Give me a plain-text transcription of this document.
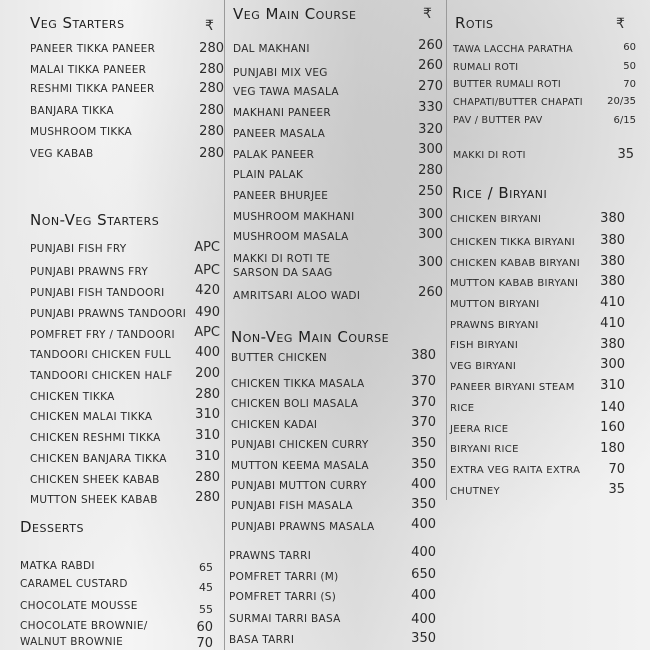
Veg Starters	₹
PANEER TIKKA PANEER	280
MALAI TIKKA PANEER	280
RESHMI TIKKA PANEER	280
BANJARA TIKKA	280
MUSHROOM TIKKA	280
VEG KABAB	280
Non-Veg Starters
PUNJABI FISH FRY	APC
PUNJABI PRAWNS FRY	APC
PUNJABI FISH TANDOORI 420
PUNJABI PRAWNS TANDOORI 490
POMFRET FRY / TANDOORI APC
TANDOORI CHICKEN FULL 400
TANDOORI CHICKEN HALF 200
CHICKEN TIKKA	280
CHICKEN MALAI TIKKA	310
CHICKEN RESHMI TIKKA	310
CHICKEN BANJARA TIKKA 310
CHICKEN SHEEK KABAB	280
MUTTON SHEEK KABAB	280
Desserts
MATKA RABDI	65
CARAMEL CUSTARD	45
CHOCOLATE MOUSSE	55
CHOCOLATE BROWNIE/	60
WALNUT BROWNIE	70
Veg Main Course	₹
DAL MAKHANI	260
PUNJABI MIX VEG	260
VEG TAWA MASALA	270
MAKHANI PANEER	330
PANEER MASALA	320
PALAK PANEER	300
PLAIN PALAK	280
PANEER BHURJEE	250
MUSHROOM MAKHANI	300
MUSHROOM MASALA	300
MAKKI DI ROTI TE	300
SARSON DA SAAG
AMRITSARI ALOO WADI	260
Non-Veg Main Course
BUTTER CHICKEN	380
CHICKEN TIKKA MASALA	370
CHICKEN BOLI MASALA	370
CHICKEN KADAI	370
PUNJABI CHICKEN CURRY	350
MUTTON KEEMA MASALA	350
PUNJABI MUTTON CURRY	400
PUNJABI FISH MASALA	350
PUNJABI PRAWNS MASALA	400
PRAWNS TARRI	400
POMFRET TARRI (M)	650
POMFRET TARRI (S)	400
SURMAI TARRI BASA	400
BASA TARRI	350
Rotis	₹
TAWA LACCHA PARATHA	60
RUMALI ROTI	50
BUTTER RUMALI ROTI	70
CHAPATI/BUTTER CHAPATI 20/35
PAV / BUTTER PAV	6/15
MAKKI DI ROTI	35
Rice / Biryani
CHICKEN BIRYANI	380
CHICKEN TIKKA BIRYANI 380
CHICKEN KABAB BIRYANI 380
MUTTON KABAB BIRYANI 380
MUTTON BIRYANI	410
PRAWNS BIRYANI	410
FISH BIRYANI	380
VEG BIRYANI	300
PANEER BIRYANI STEAM 310
RICE	140
JEERA RICE	160
BIRYANI RICE	180
EXTRA VEG RAITA EXTRA 70
CHUTNEY	35
